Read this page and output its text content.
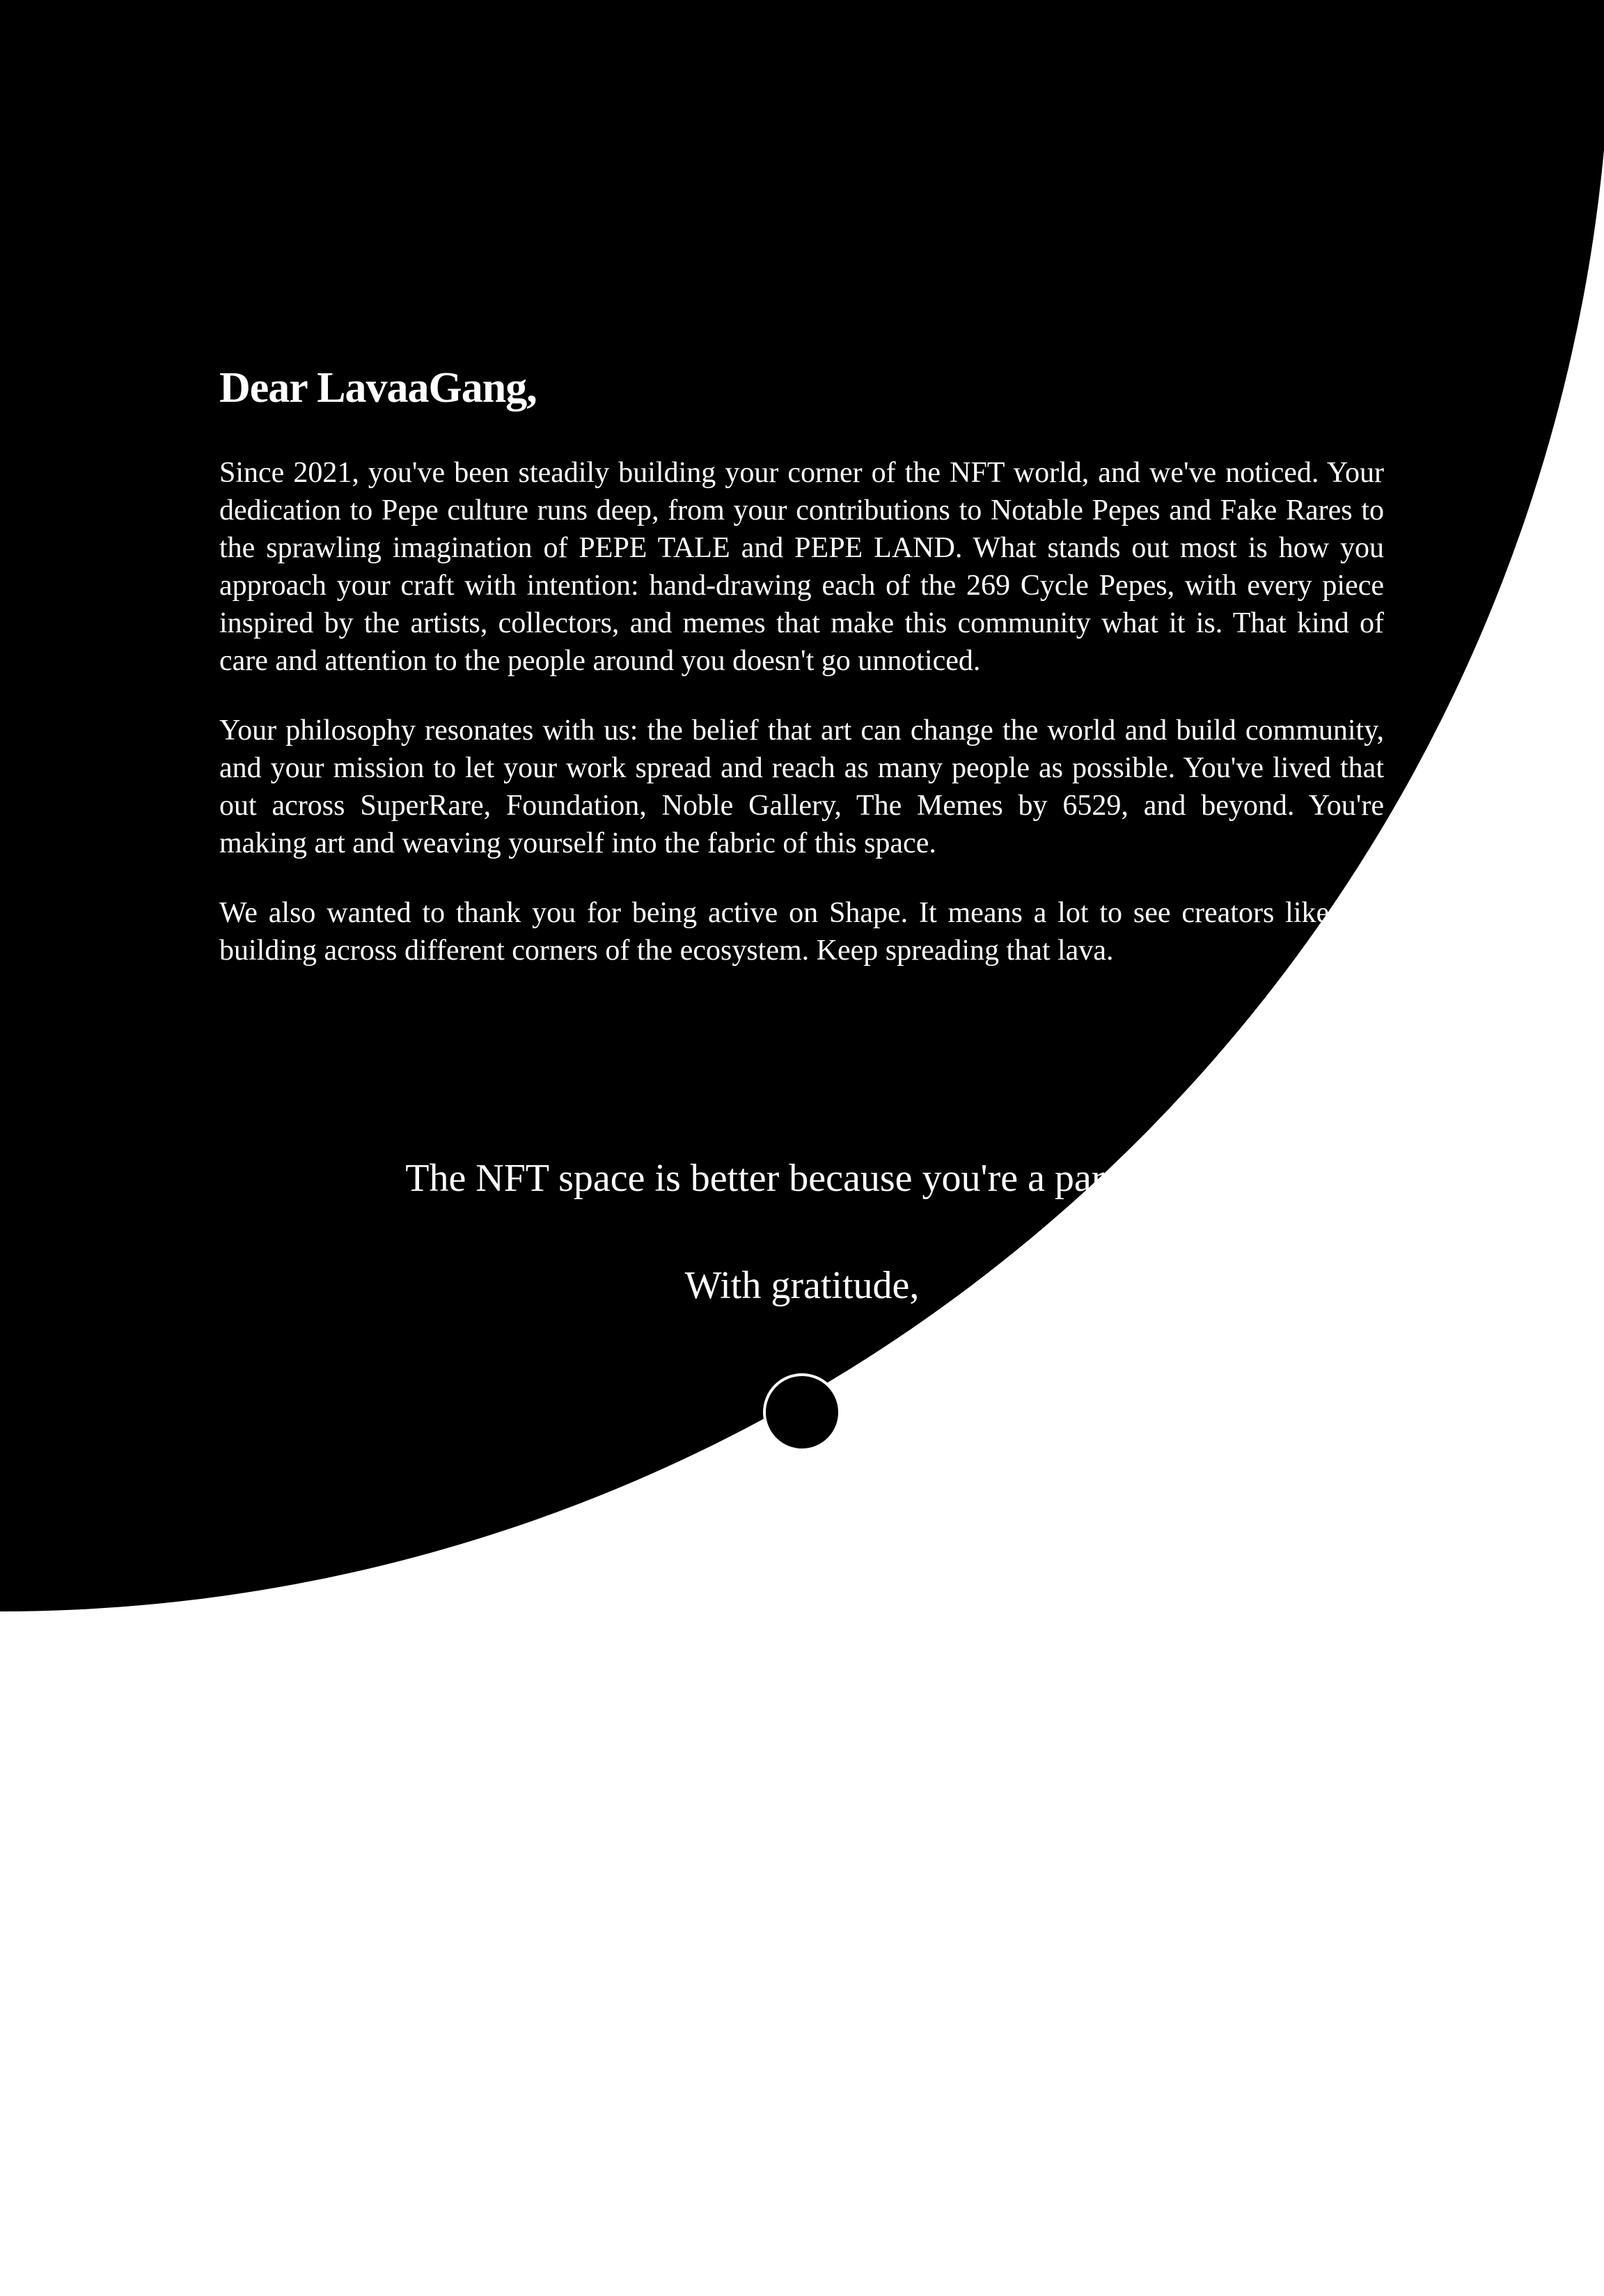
Dear LavaaGang,

Since 2021, you've been steadily building your corner of the NFT world, and we've noticed. Your dedication to Pepe culture runs deep, from your contributions to Notable Pepes and Fake Rares to the sprawling imagination of PEPE TALE and PEPE LAND. What stands out most is how you approach your craft with intention: hand-drawing each of the 269 Cycle Pepes, with every piece inspired by the artists, collectors, and memes that make this community what it is. That kind of care and attention to the people around you doesn't go unnoticed.

Your philosophy resonates with us: the belief that art can change the world and build community, and your mission to let your work spread and reach as many people as possible. You've lived that out across SuperRare, Foundation, Noble Gallery, The Memes by 6529, and beyond. You're making art and weaving yourself into the fabric of this space.

We also wanted to thank you for being active on Shape. It means a lot to see creators like you building across different corners of the ecosystem. Keep spreading that lava.

The NFT space is better because you're a part of it.
With gratitude,
